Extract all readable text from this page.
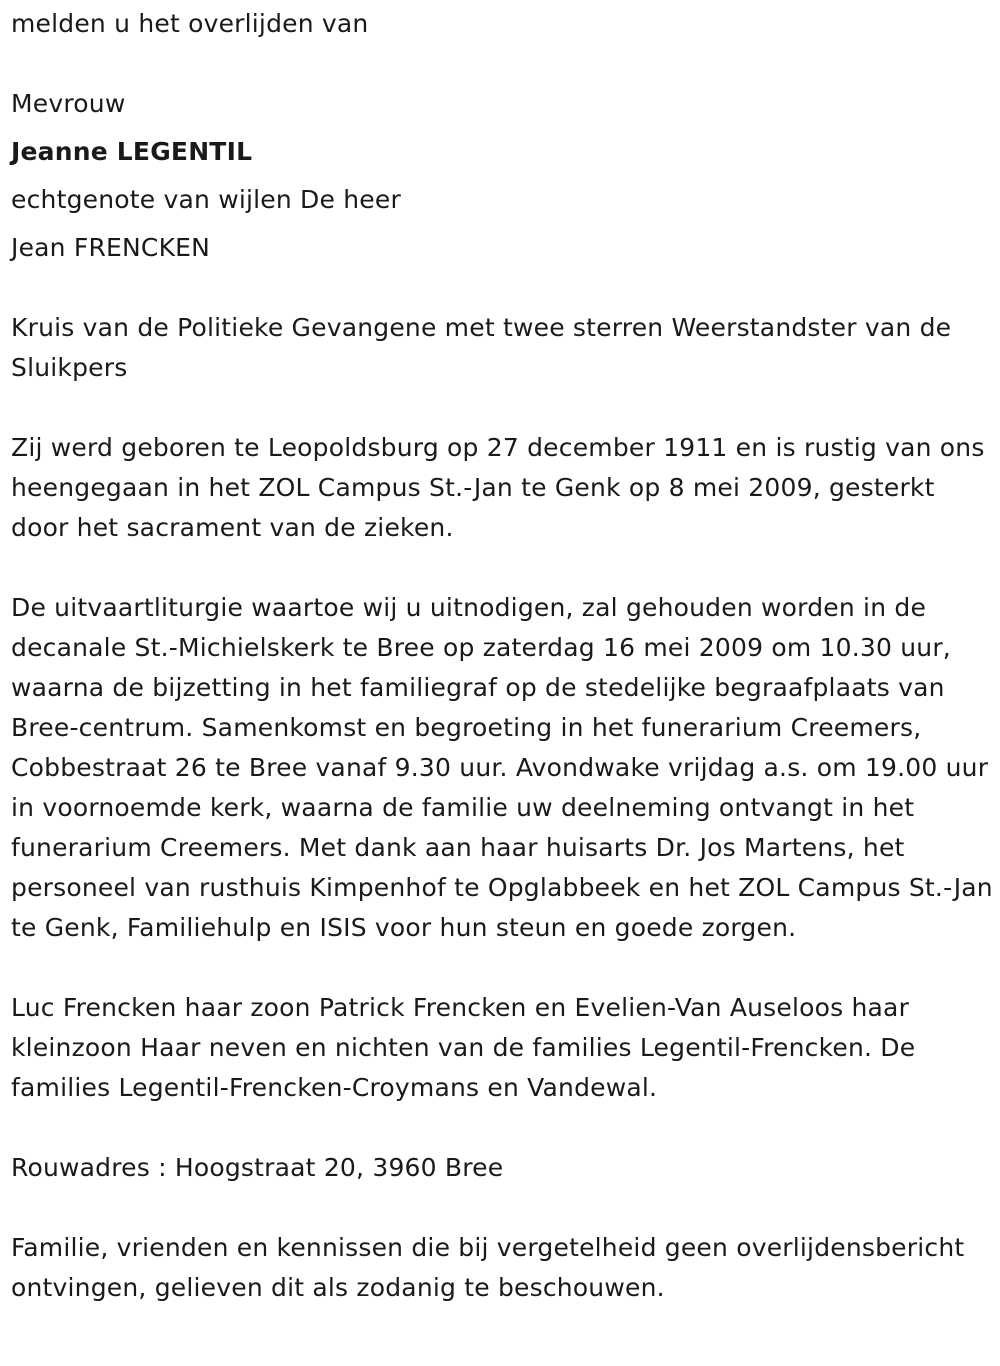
melden u het overlijden van
Mevrouw
Jeanne LEGENTIL
echtgenote van wijlen De heer
Jean FRENCKEN
Kruis van de Politieke Gevangene met twee sterren Weerstandster van de Sluikpers
Zij werd geboren te Leopoldsburg op 27 december 1911 en is rustig van ons heengegaan in het ZOL Campus St.-Jan te Genk op 8 mei 2009, gesterkt door het sacrament van de zieken.
De uitvaartliturgie waartoe wij u uitnodigen, zal gehouden worden in de decanale St.-Michielskerk te Bree op zaterdag 16 mei 2009 om 10.30 uur, waarna de bijzetting in het familiegraf op de stedelijke begraafplaats van Bree-centrum. Samenkomst en begroeting in het funerarium Creemers, Cobbestraat 26 te Bree vanaf 9.30 uur. Avondwake vrijdag a.s. om 19.00 uur in voornoemde kerk, waarna de familie uw deelneming ontvangt in het funerarium Creemers. Met dank aan haar huisarts Dr. Jos Martens, het personeel van rusthuis Kimpenhof te Opglabbeek en het ZOL Campus St.-Jan te Genk, Familiehulp en ISIS voor hun steun en goede zorgen.
Luc Frencken haar zoon Patrick Frencken en Evelien-Van Auseloos haar kleinzoon Haar neven en nichten van de families Legentil-Frencken. De families Legentil-Frencken-Croymans en Vandewal.
Rouwadres : Hoogstraat 20, 3960 Bree
Familie, vrienden en kennissen die bij vergetelheid geen overlijdensbericht ontvingen, gelieven dit als zodanig te beschouwen.
